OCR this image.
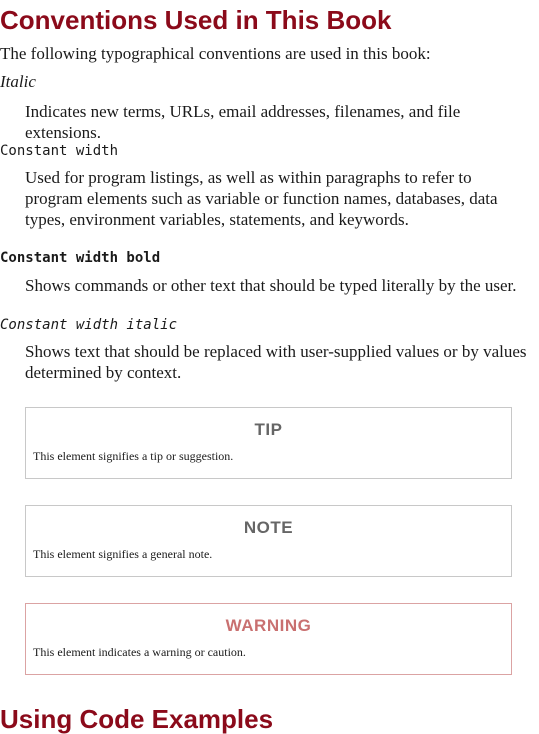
Conventions Used in This Book

The following typographical conventions are used in this book:

Italic

Indicates new terms, URLs, email addresses, filenames, and file extensions.

Constant width

Used for program listings, as well as within paragraphs to refer to program elements such as variable or function names, databases, data types, environment variables, statements, and keywords.

Constant width bold

Shows commands or other text that should be typed literally by the user.

Constant width italic

Shows text that should be replaced with user-supplied values or by values determined by context.

TIP
This element signifies a tip or suggestion.
NOTE
This element signifies a general note.
WARNING
This element indicates a warning or caution.
Using Code Examples
